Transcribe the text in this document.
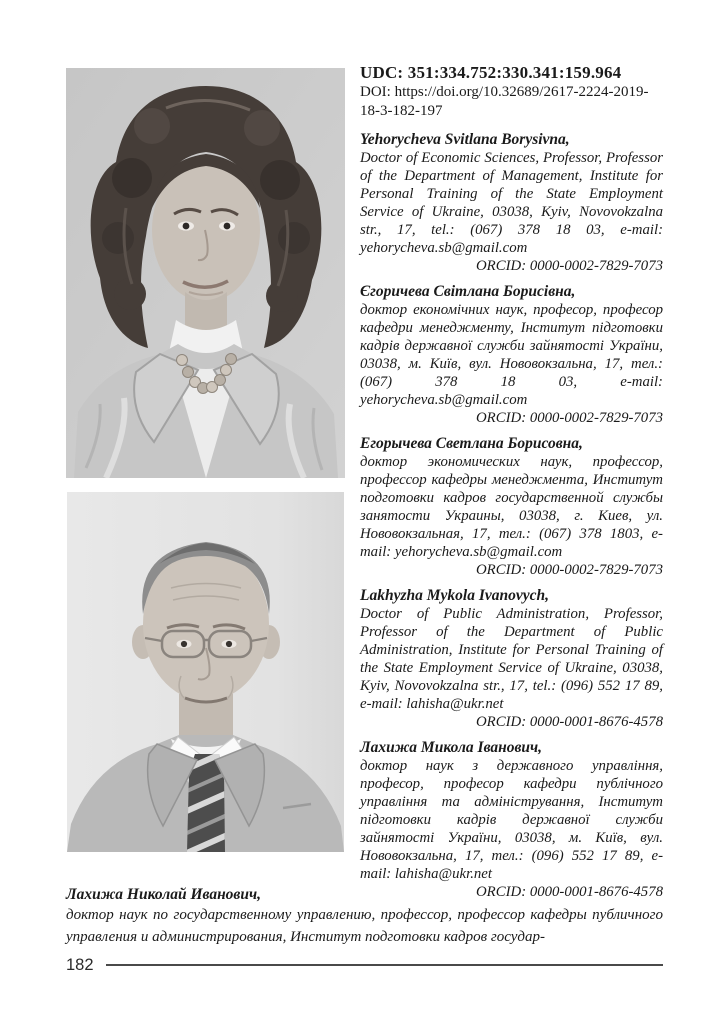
UDC: 351:334.752:330.341:159.964
DOI: https://doi.org/10.32689/2617-2224-2019-18-3-182-197
Yehorycheva Svitlana Borysivna,

Doctor of Economic Sciences, Professor, Professor of the Department of Management, Institute for Personal Training of the State Employment Service of Ukraine, 03038, Kyiv, Novovokzalna str., 17, tel.: (067) 378 18 03, e-mail: yehorycheva.sb@gmail.com

ORCID: 0000-0002-7829-7073
Єгоричева Світлана Борисівна,

доктор економічних наук, професор, професор кафедри менеджменту, Інститут підготовки кадрів державної служби зайнятості України, 03038, м. Київ, вул. Нововокзальна, 17, тел.: (067) 378 18 03, e-mail: yehorycheva.sb@gmail.com

ORCID: 0000-0002-7829-7073
Егорычева Светлана Борисовна,

доктор экономических наук, профессор, профессор кафедры менеджмента, Институт подготовки кадров государственной службы занятости Украины, 03038, г. Киев, ул. Нововокзальная, 17, тел.: (067) 378 1803, e-mail: yehorycheva.sb@gmail.com

ORCID: 0000-0002-7829-7073
Lakhyzha Mykola Ivanovych,

Doctor of Public Administration, Professor, Professor of the Department of Public Administration, Institute for Personal Training of the State Employment Service of Ukraine, 03038, Kyiv, Novovokzalna str., 17, tel.: (096) 552 17 89, e-mail: lahisha@ukr.net

ORCID: 0000-0001-8676-4578
Лахижа Микола Іванович,

доктор наук з державного управління, професор, професор кафедри публічного управління та адміністрування, Інститут підготовки кадрів державної служби зайнятості України, 03038, м. Київ, вул. Нововокзальна, 17, тел.: (096) 552 17 89, e-mail: lahisha@ukr.net

ORCID: 0000-0001-8676-4578
Лахижа Николай Иванович,

доктор наук по государственному управлению, профессор, профессор кафедры публичного управления и администрирования, Институт подготовки кадров государ-

182
